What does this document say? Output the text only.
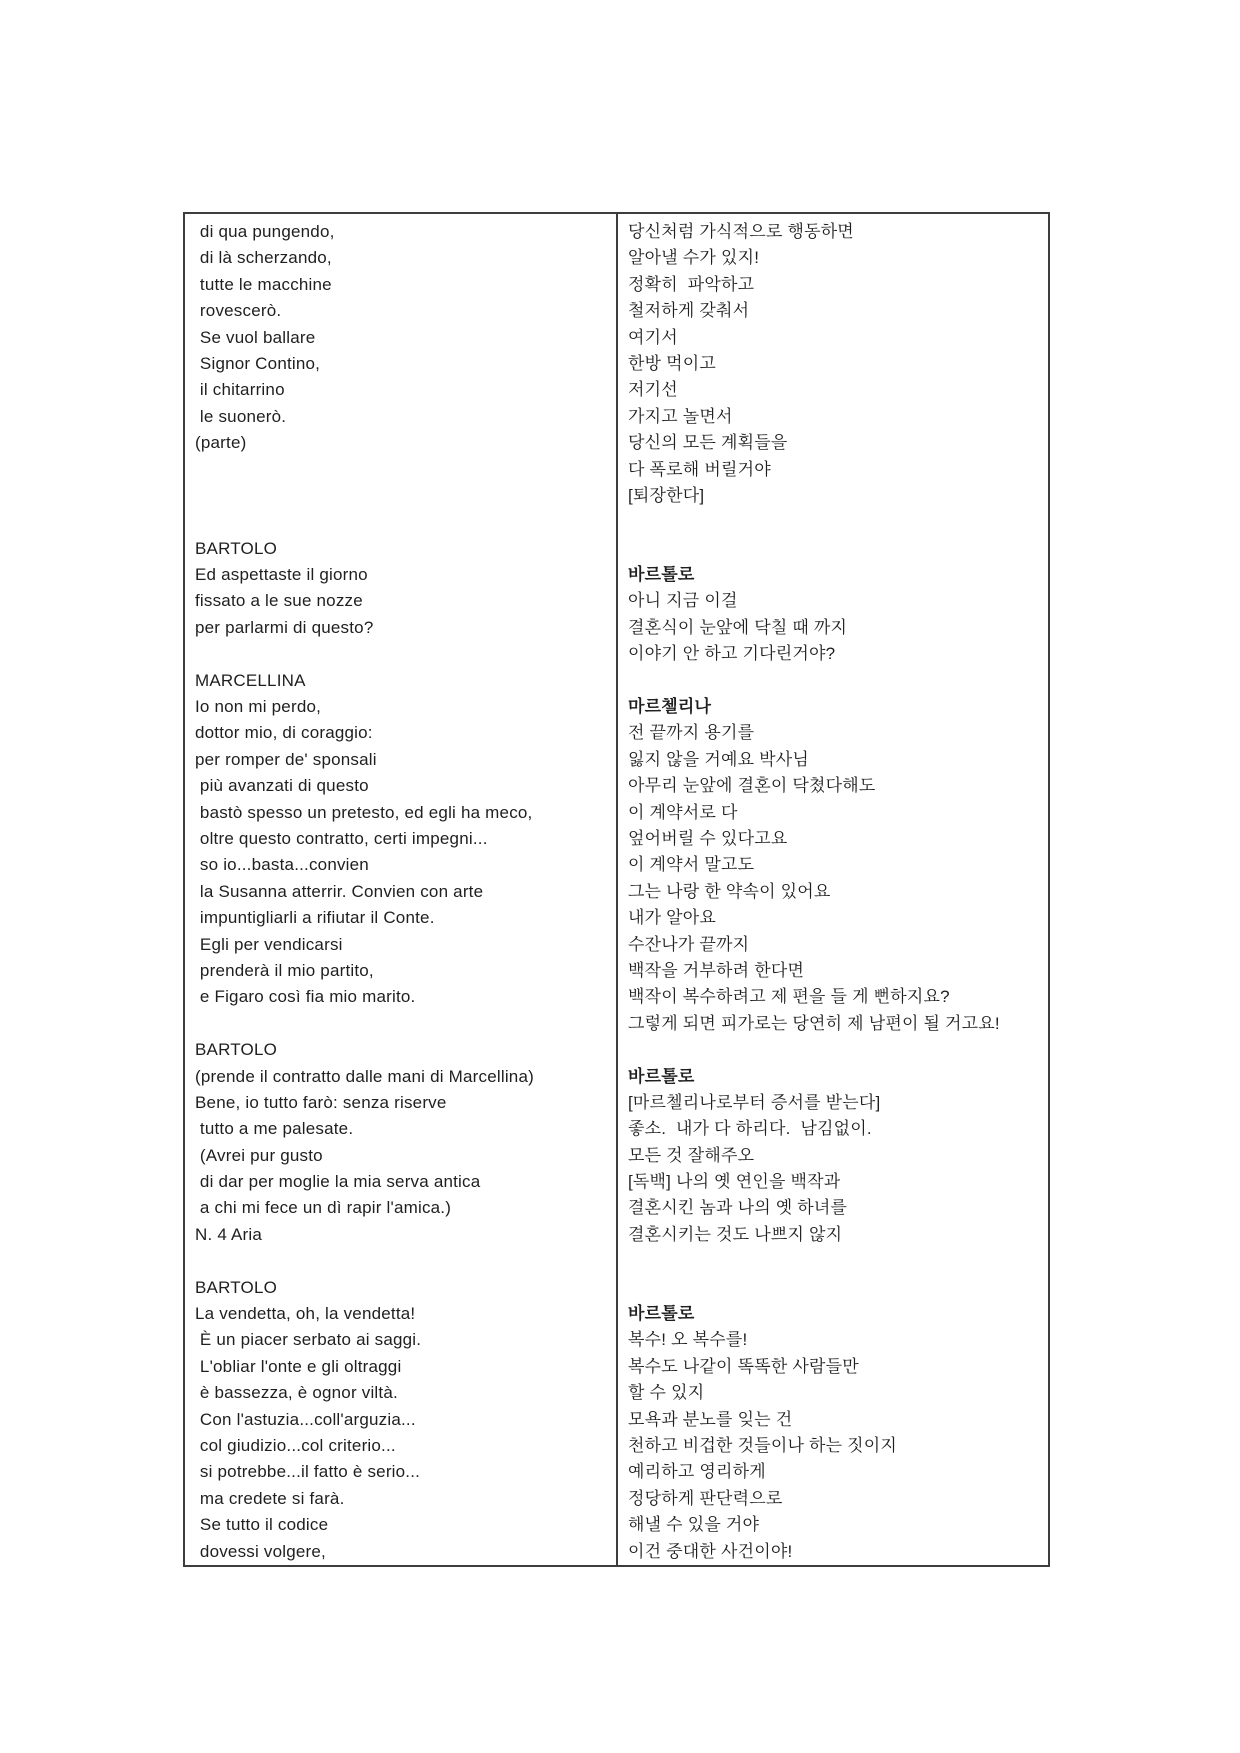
di qua pungendo,
di là scherzando,
tutte le macchine
rovescerò.
Se vuol ballare
Signor Contino,
il chitarrino
le suonerò.
(parte)
BARTOLO
Ed aspettaste il giorno
fissato a le sue nozze
per parlarmi di questo?
MARCELLINA
Io non mi perdo,
dottor mio, di coraggio:
per romper de' sponsali
più avanzati di questo
bastò spesso un pretesto, ed egli ha meco,
oltre questo contratto, certi impegni...
so io...basta...convien
la Susanna atterrir. Convien con arte
impuntigliarli a rifiutar il Conte.
Egli per vendicarsi
prenderà il mio partito,
e Figaro così fia mio marito.
BARTOLO
(prende il contratto dalle mani di Marcellina)
Bene, io tutto farò: senza riserve
tutto a me palesate.
(Avrei pur gusto
di dar per moglie la mia serva antica
a chi mi fece un dì rapir l'amica.)
N. 4 Aria
BARTOLO
La vendetta, oh, la vendetta!
È un piacer serbato ai saggi.
L'obliar l'onte e gli oltraggi
è bassezza, è ognor viltà.
Con l'astuzia...coll'arguzia...
col giudizio...col criterio...
si potrebbe...il fatto è serio...
ma credete si farà.
Se tutto il codice
dovessi volgere,
당신처럼 가식적으로 행동하면
알아낼 수가 있지!
정확히  파악하고
철저하게 갖춰서
여기서
한방 먹이고
저기선
가지고 놀면서
당신의 모든 계획들을
다 폭로해 버릴거야
[퇴장한다]
바르톨로
아니 지금 이걸
결혼식이 눈앞에 닥칠 때 까지
이야기 안 하고 기다린거야?
마르첼리나
전 끝까지 용기를
잃지 않을 거예요 박사님
아무리 눈앞에 결혼이 닥쳤다해도
이 계약서로 다
엎어버릴 수 있다고요
이 계약서 말고도
그는 나랑 한 약속이 있어요
내가 알아요
수잔나가 끝까지
백작을 거부하려 한다면
백작이 복수하려고 제 편을 들 게 뻔하지요?
그렇게 되면 피가로는 당연히 제 남편이 될 거고요!
바르톨로
[마르첼리나로부터 증서를 받는다]
좋소.  내가 다 하리다.  남김없이.
모든 것 잘해주오
[독백] 나의 옛 연인을 백작과
결혼시킨 놈과 나의 옛 하녀를
결혼시키는 것도 나쁘지 않지
바르톨로
복수! 오 복수를!
복수도 나같이 똑똑한 사람들만
할 수 있지
모욕과 분노를 잊는 건
천하고 비겁한 것들이나 하는 짓이지
예리하고 영리하게
정당하게 판단력으로
해낼 수 있을 거야
이건 중대한 사건이야!
